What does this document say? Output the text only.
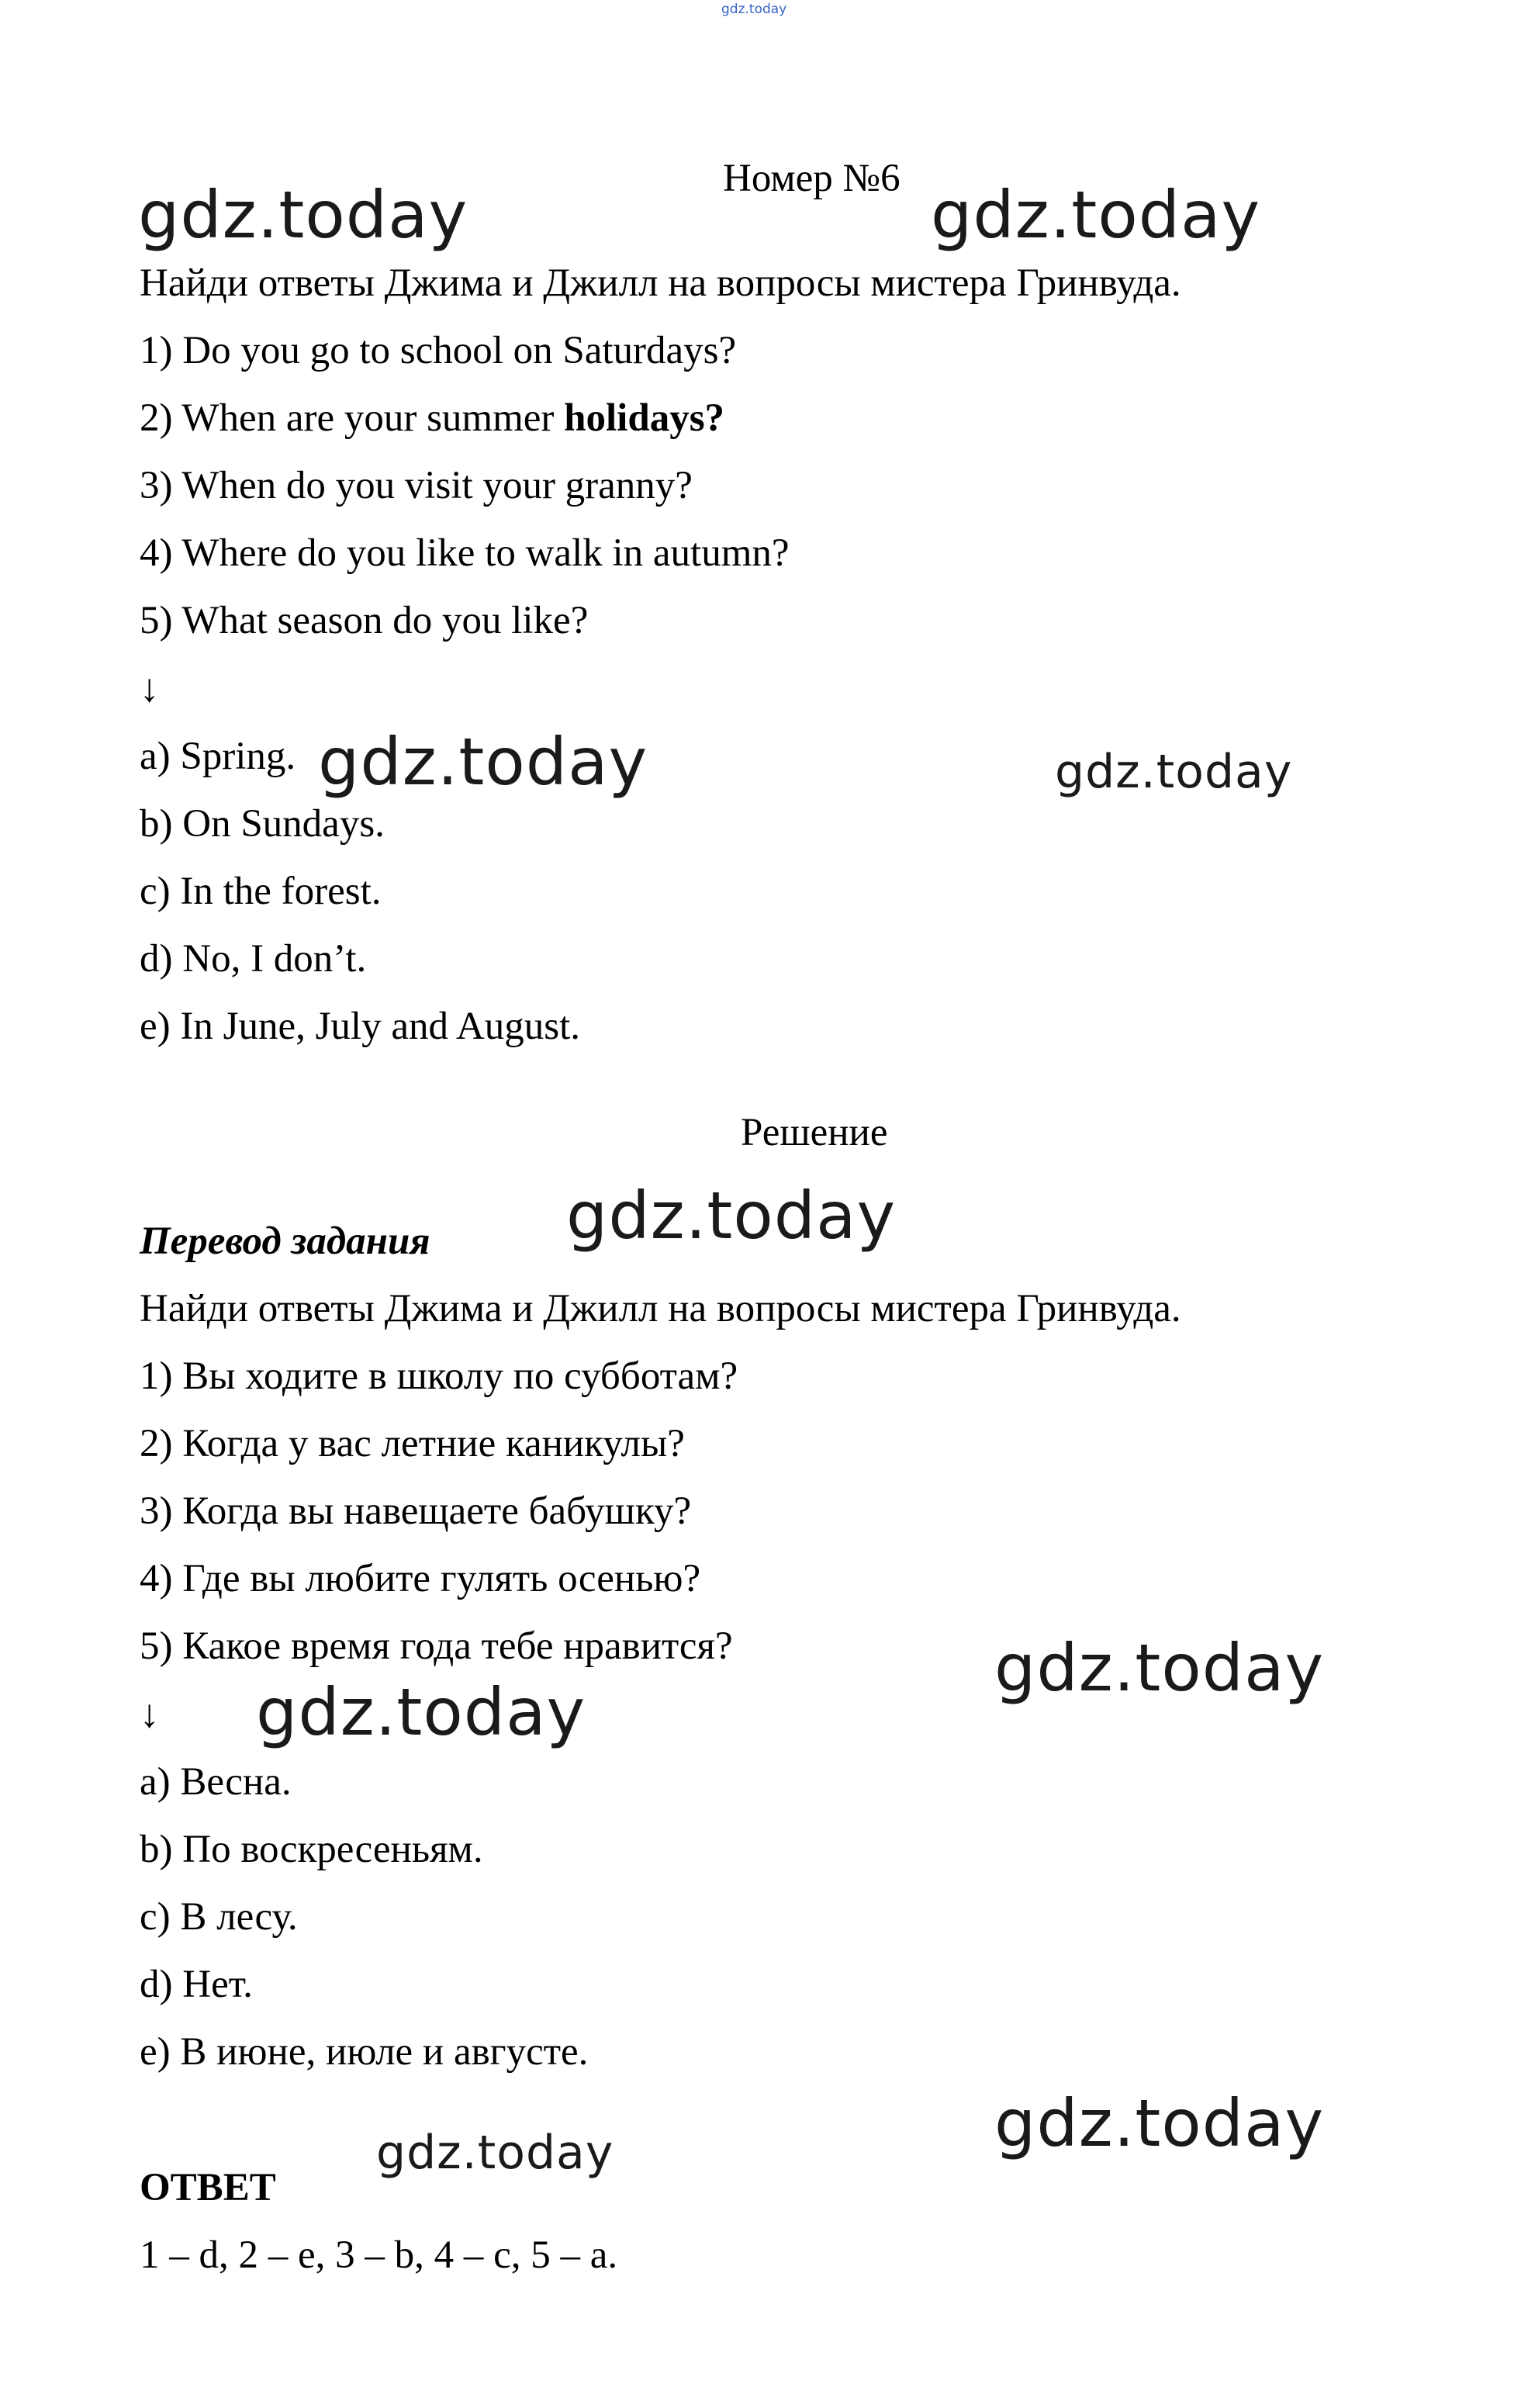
gdz.today
Номер №6
Найди ответы Джима и Джилл на вопросы мистера Гринвуда.
1) Do you go to school on Saturdays?
2) When are your summer holidays?
3) When do you visit your granny?
4) Where do you like to walk in autumn?
5) What season do you like?
↓
a) Spring.
b) On Sundays.
c) In the forest.
d) No, I don’t.
e) In June, July and August.
Решение
Перевод задания
Найди ответы Джима и Джилл на вопросы мистера Гринвуда.
1) Вы ходите в школу по субботам?
2) Когда у вас летние каникулы?
3) Когда вы навещаете бабушку?
4) Где вы любите гулять осенью?
5) Какое время года тебе нравится?
↓
a) Весна.
b) По воскресеньям.
c) В лесу.
d) Нет.
e) В июне, июле и августе.
ОТВЕТ
1 – d, 2 – e, 3 – b, 4 – c, 5 – a.
gdz.today	gdz.today
gdz.today	gdz.today
gdz.today
gdz.today
gdz.today
gdz.today	gdz.today
